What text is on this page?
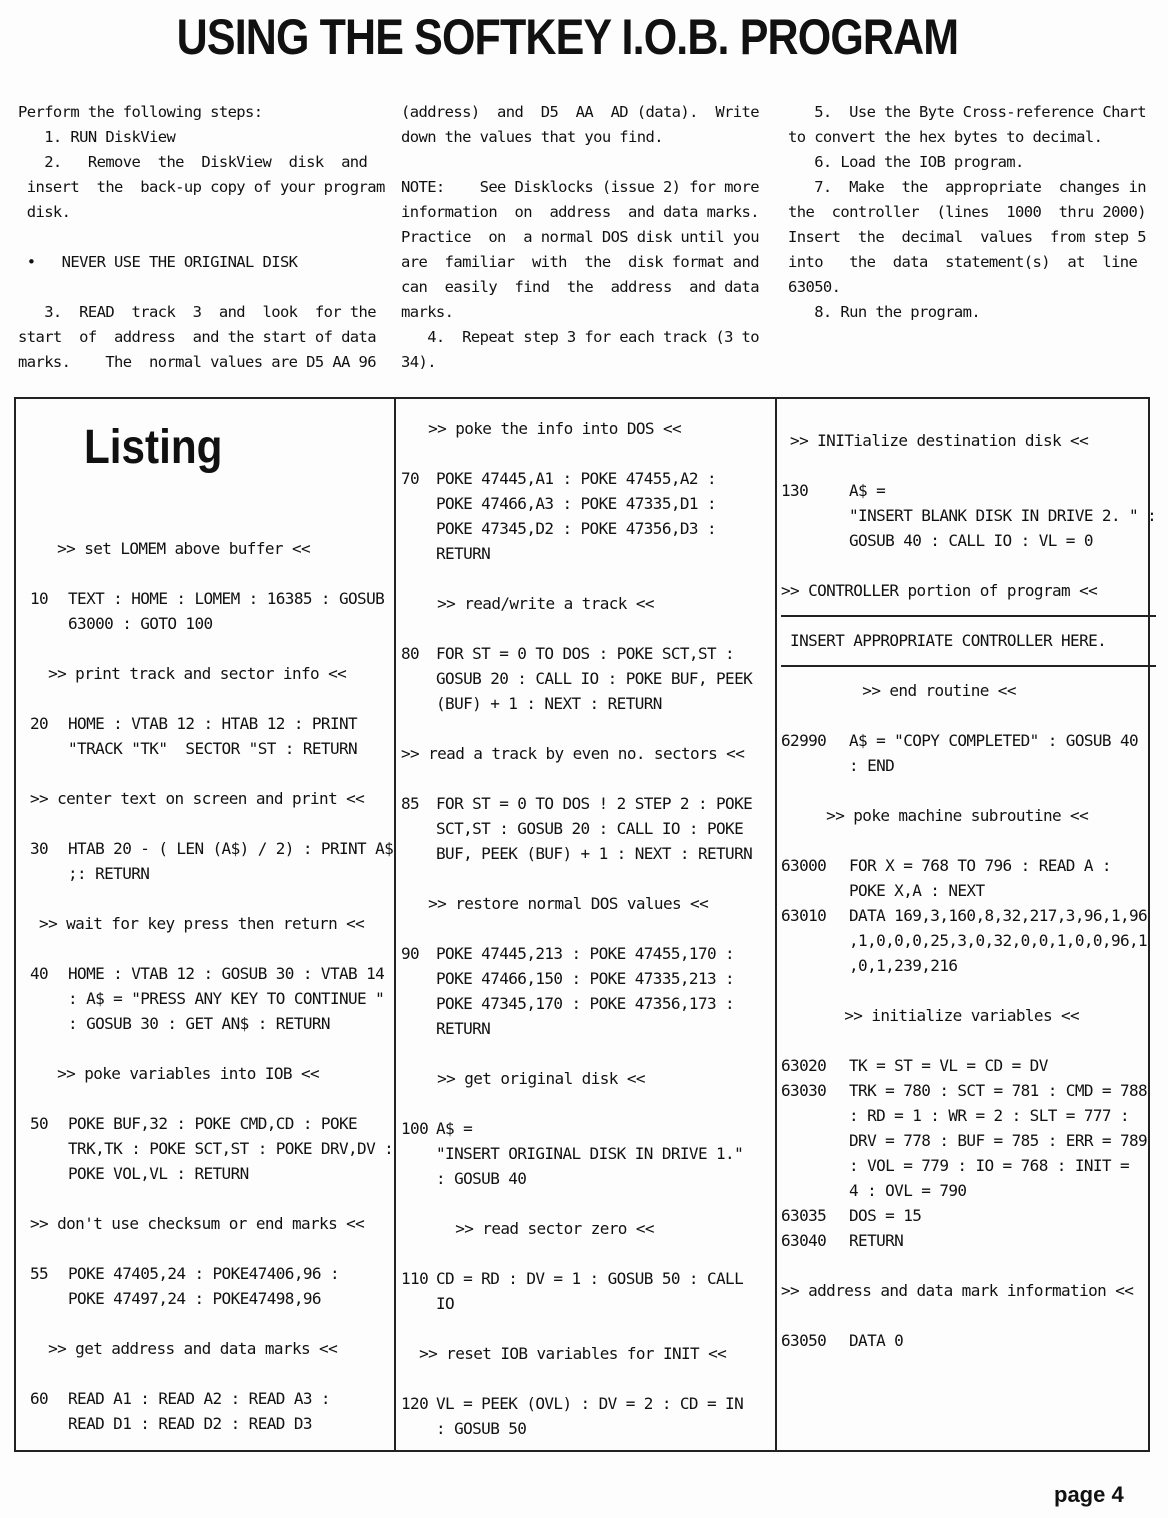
USING THE SOFTKEY I.O.B. PROGRAM
Perform the following steps:
1. RUN DiskView
2.   Remove  the  DiskView  disk  and
insert  the  back-up copy of your program
disk.
•   NEVER USE THE ORIGINAL DISK
3.  READ  track  3  and  look  for the
start  of  address  and the start of data
marks.    The  normal values are D5 AA 96
(address)  and  D5  AA  AD (data).  Write
down the values that you find.
NOTE:    See Disklocks (issue 2) for more
information  on  address  and data marks.
Practice  on  a normal DOS disk until you
are  familiar  with  the  disk format and
can  easily  find  the  address  and data
marks.
4.  Repeat step 3 for each track (3 to
34).
5.  Use the Byte Cross-reference Chart
to convert the hex bytes to decimal.
6. Load the IOB program.
7.  Make  the  appropriate  changes in
the  controller  (lines  1000  thru 2000)
Insert  the  decimal  values  from step 5
into   the  data  statement(s)  at  line
63050.
8. Run the program.
Listing
>> set LOMEM above buffer <<
10 TEXT : HOME : LOMEM : 16385 : GOSUB
63000 : GOTO 100
>> print track and sector info <<
20 HOME : VTAB 12 : HTAB 12 : PRINT
"TRACK "TK"  SECTOR "ST : RETURN
>> center text on screen and print <<
30 HTAB 20 - ( LEN (A$) / 2) : PRINT A$
;: RETURN
>> wait for key press then return <<
40 HOME : VTAB 12 : GOSUB 30 : VTAB 14
: A$ = "PRESS ANY KEY TO CONTINUE "
: GOSUB 30 : GET AN$ : RETURN
>> poke variables into IOB <<
50 POKE BUF,32 : POKE CMD,CD : POKE
TRK,TK : POKE SCT,ST : POKE DRV,DV :
POKE VOL,VL : RETURN
>> don't use checksum or end marks <<
55 POKE 47405,24 : POKE47406,96 :
POKE 47497,24 : POKE47498,96
>> get address and data marks <<
60 READ A1 : READ A2 : READ A3 :
READ D1 : READ D2 : READ D3
>> poke the info into DOS <<
70 POKE 47445,A1 : POKE 47455,A2 :
POKE 47466,A3 : POKE 47335,D1 :
POKE 47345,D2 : POKE 47356,D3 :
RETURN
>> read/write a track <<
80 FOR ST = 0 TO DOS : POKE SCT,ST :
GOSUB 20 : CALL IO : POKE BUF, PEEK
(BUF) + 1 : NEXT : RETURN
>> read a track by even no. sectors <<
85 FOR ST = 0 TO DOS ! 2 STEP 2 : POKE
SCT,ST : GOSUB 20 : CALL IO : POKE
BUF, PEEK (BUF) + 1 : NEXT : RETURN
>> restore normal DOS values <<
90 POKE 47445,213 : POKE 47455,170 :
POKE 47466,150 : POKE 47335,213 :
POKE 47345,170 : POKE 47356,173 :
RETURN
>> get original disk <<
100 A$ =
"INSERT ORIGINAL DISK IN DRIVE 1."
: GOSUB 40
>> read sector zero <<
110 CD = RD : DV = 1 : GOSUB 50 : CALL
IO
>> reset IOB variables for INIT <<
120 VL = PEEK (OVL) : DV = 2 : CD = IN
: GOSUB 50
>> INITialize destination disk <<
130	A$ =
"INSERT BLANK DISK IN DRIVE 2. " :
GOSUB 40 : CALL IO : VL = 0
>> CONTROLLER portion of program <<
INSERT APPROPRIATE CONTROLLER HERE.
>> end routine <<
62990 A$ = "COPY COMPLETED" : GOSUB 40
: END
>> poke machine subroutine <<
63000 FOR X = 768 TO 796 : READ A :
POKE X,A : NEXT
63010 DATA 169,3,160,8,32,217,3,96,1,96
,1,0,0,0,25,3,0,32,0,0,1,0,0,96,1
,0,1,239,216
>> initialize variables <<
63020 TK = ST = VL = CD = DV
63030 TRK = 780 : SCT = 781 : CMD = 788
: RD = 1 : WR = 2 : SLT = 777 :
DRV = 778 : BUF = 785 : ERR = 789
: VOL = 779 : IO = 768 : INIT =
4 : OVL = 790
63035 DOS = 15
63040 RETURN
>> address and data mark information <<
63050 DATA 0
page 4
